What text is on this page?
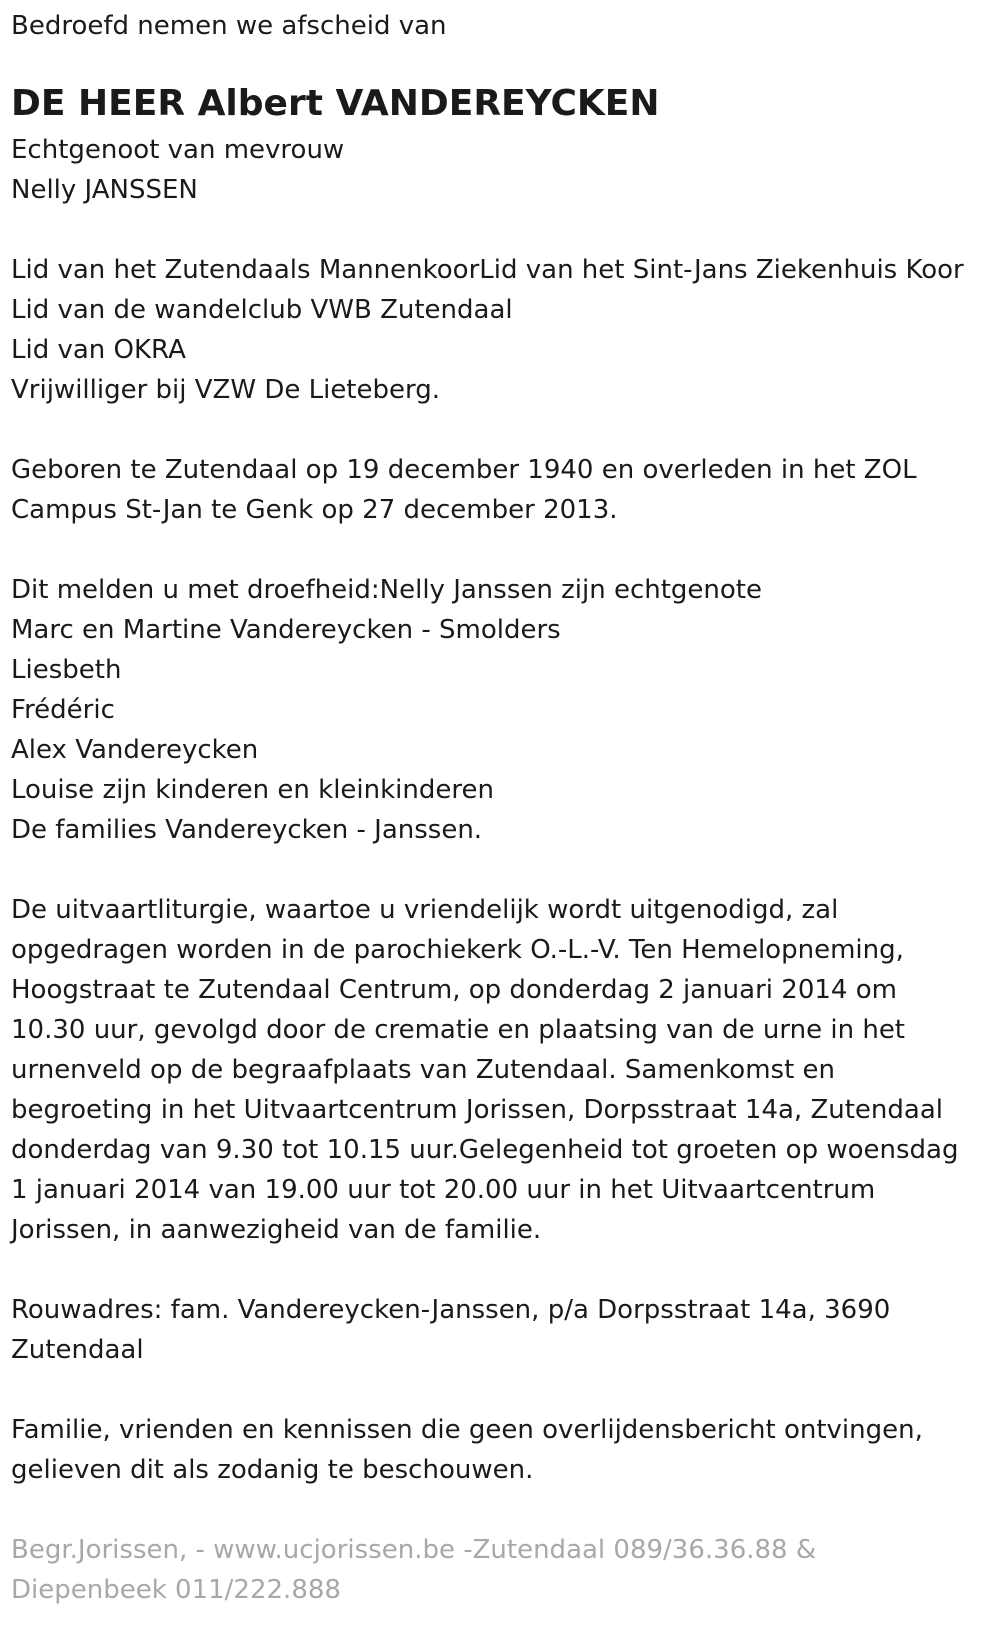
Bedroefd nemen we afscheid van
DE HEER Albert VANDEREYCKEN
Echtgenoot van mevrouw
Nelly JANSSEN
Lid van het Zutendaals MannenkoorLid van het Sint-Jans Ziekenhuis Koor
Lid van de wandelclub VWB Zutendaal
Lid van OKRA
Vrijwilliger bij VZW De Lieteberg.
Geboren te Zutendaal op 19 december 1940 en overleden in het ZOL
Campus St-Jan te Genk op 27 december 2013.
Dit melden u met droefheid:Nelly Janssen zijn echtgenote
Marc en Martine Vandereycken - Smolders
Liesbeth
Frédéric
Alex Vandereycken
Louise zijn kinderen en kleinkinderen
De families Vandereycken - Janssen.
De uitvaartliturgie, waartoe u vriendelijk wordt uitgenodigd, zal
opgedragen worden in de parochiekerk O.-L.-V. Ten Hemelopneming,
Hoogstraat te Zutendaal Centrum, op donderdag 2 januari 2014 om
10.30 uur, gevolgd door de crematie en plaatsing van de urne in het
urnenveld op de begraafplaats van Zutendaal. Samenkomst en
begroeting in het Uitvaartcentrum Jorissen, Dorpsstraat 14a, Zutendaal
donderdag van 9.30 tot 10.15 uur.Gelegenheid tot groeten op woensdag
1 januari 2014 van 19.00 uur tot 20.00 uur in het Uitvaartcentrum
Jorissen, in aanwezigheid van de familie.
Rouwadres: fam. Vandereycken-Janssen, p/a Dorpsstraat 14a, 3690
Zutendaal
Familie, vrienden en kennissen die geen overlijdensbericht ontvingen,
gelieven dit als zodanig te beschouwen.
Begr.Jorissen, - www.ucjorissen.be -Zutendaal 089/36.36.88 &
Diepenbeek 011/222.888
